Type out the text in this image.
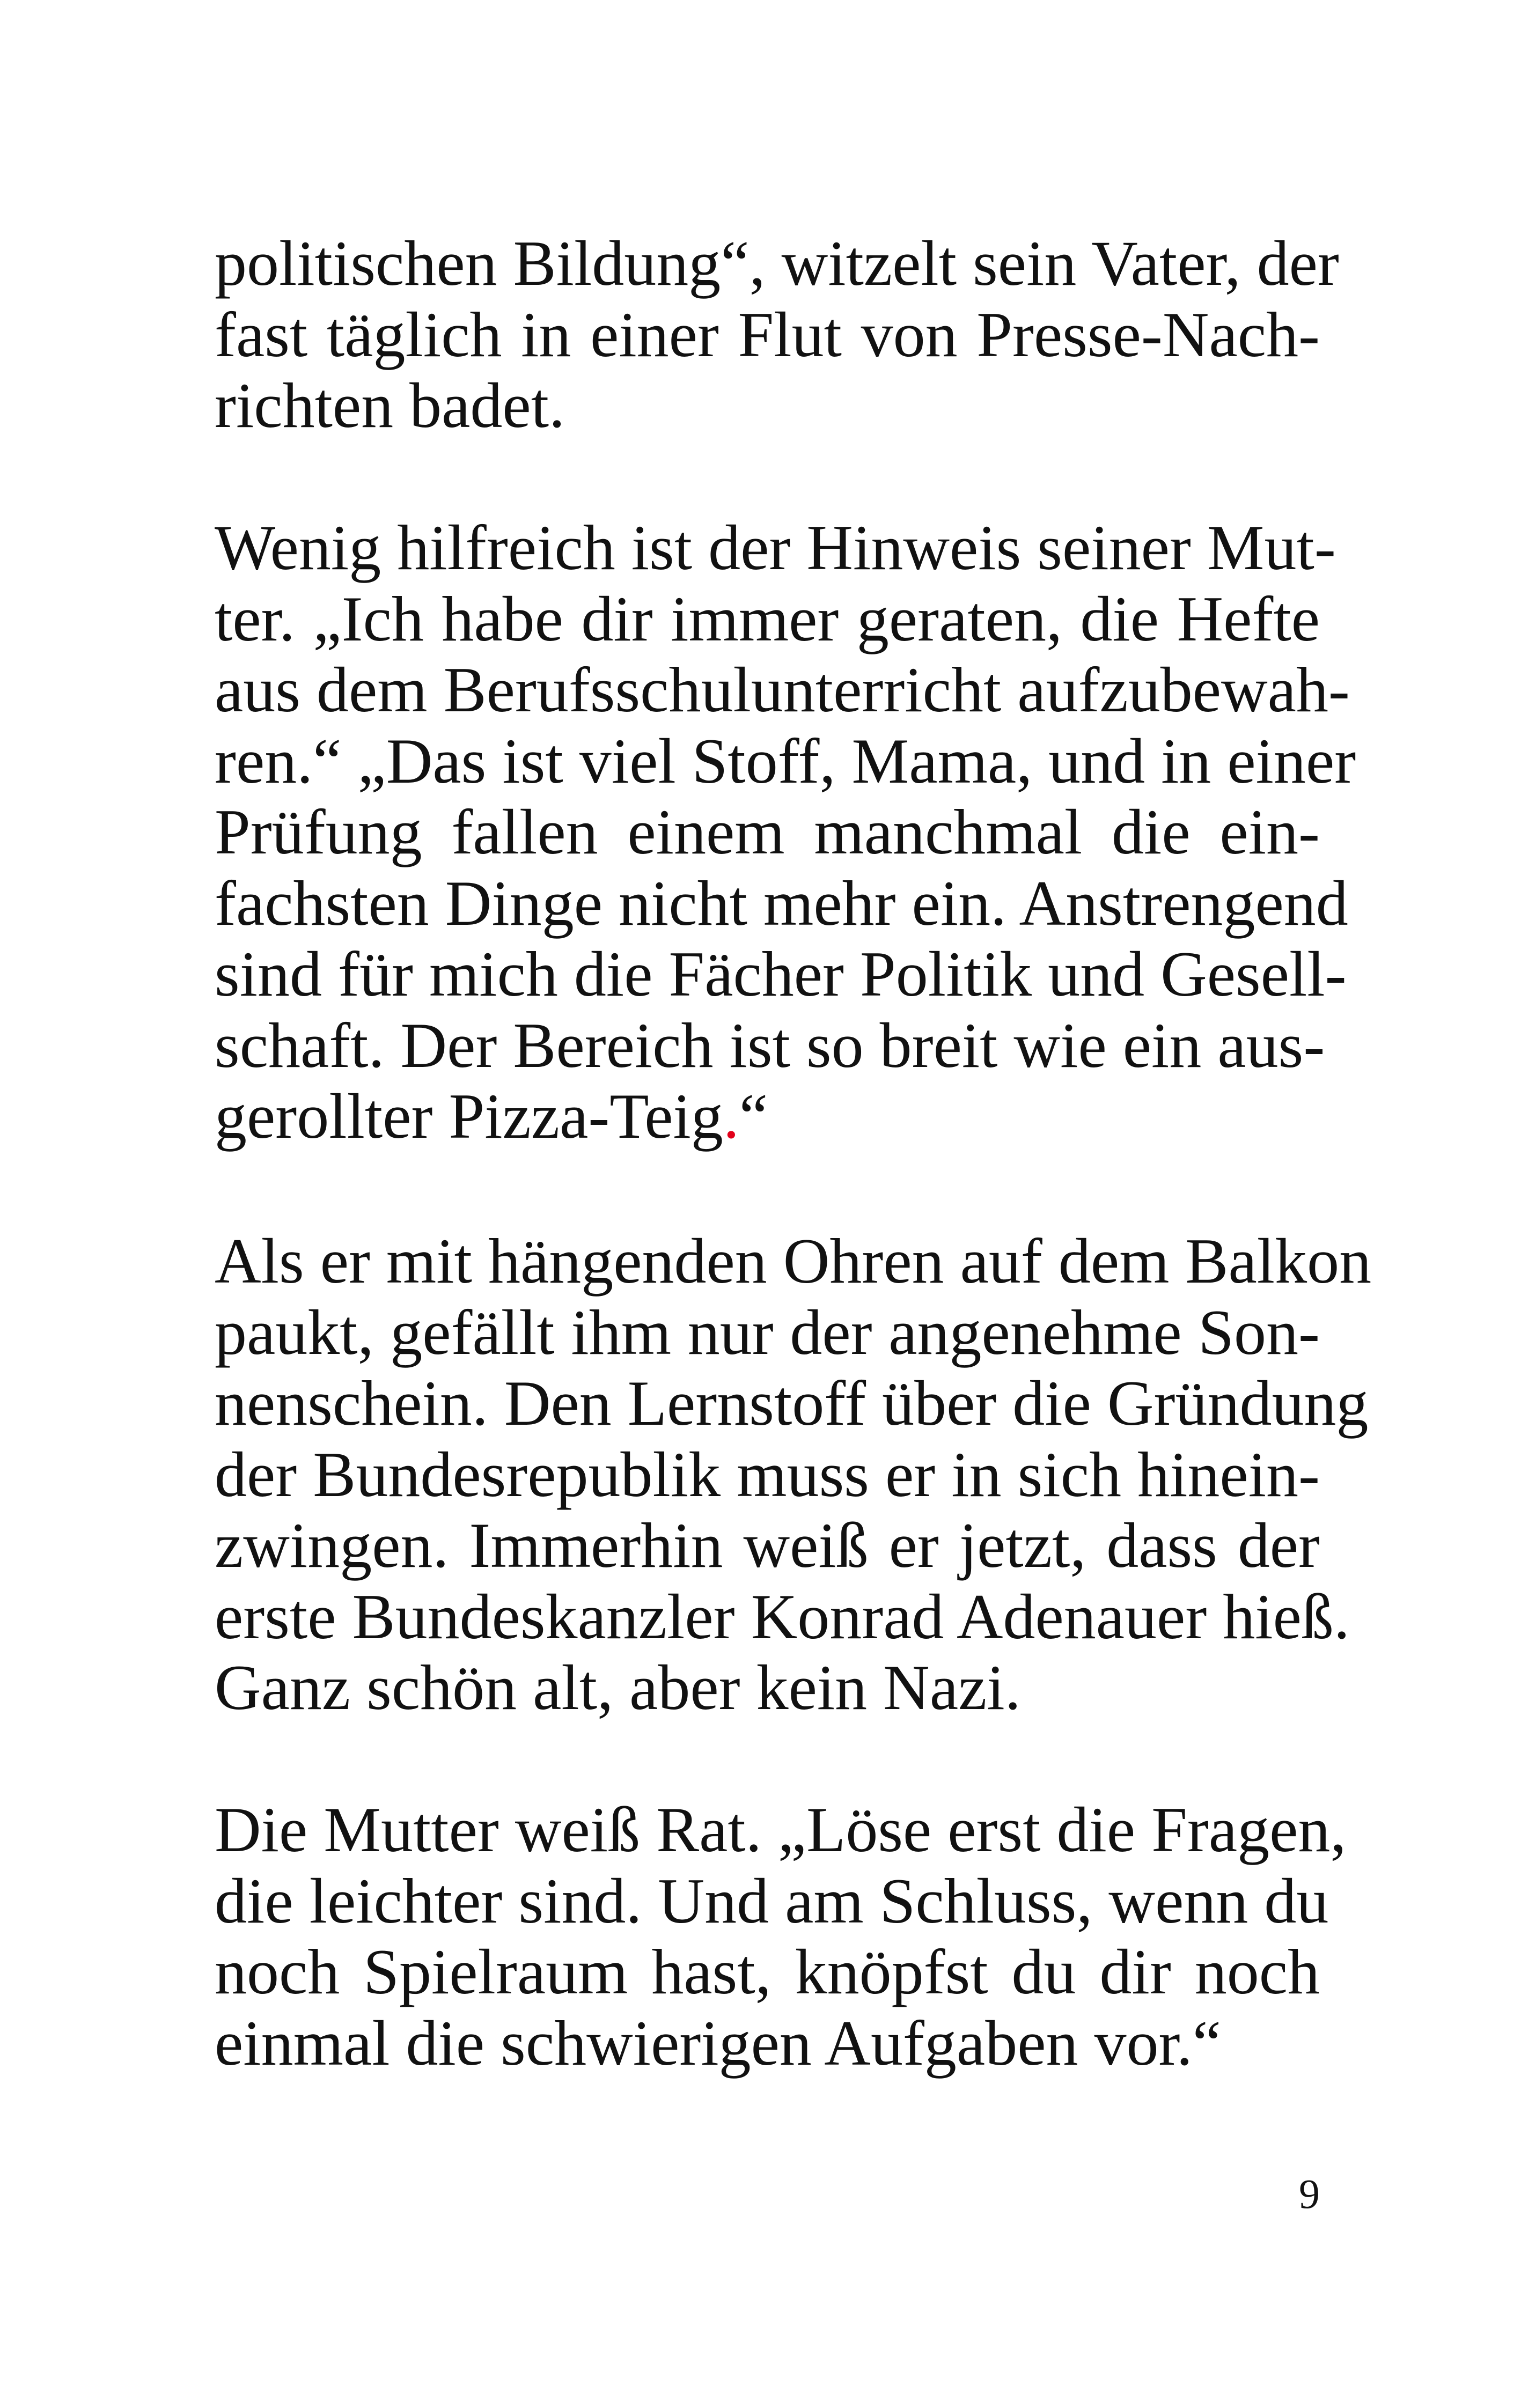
politischen Bildung“, witzelt sein Vater, der
fast täglich in einer Flut von Presse-Nach-
richten badet.

Wenig hilfreich ist der Hinweis seiner Mut-
ter. „Ich habe dir immer geraten, die Hefte
aus dem Berufsschulunterricht aufzubewah-
ren.“ „Das ist viel Stoff, Mama, und in einer
Prüfung fallen einem manchmal die ein-
fachsten Dinge nicht mehr ein. Anstrengend
sind für mich die Fächer Politik und Gesell-
schaft. Der Bereich ist so breit wie ein aus-
gerollter Pizza-Teig.“

Als er mit hängenden Ohren auf dem Balkon
paukt, gefällt ihm nur der angenehme Son-
nenschein. Den Lernstoff über die Gründung
der Bundesrepublik muss er in sich hinein-
zwingen. Immerhin weiß er jetzt, dass der
erste Bundeskanzler Konrad Adenauer hieß.
Ganz schön alt, aber kein Nazi.

Die Mutter weiß Rat. „Löse erst die Fragen,
die leichter sind. Und am Schluss, wenn du
noch Spielraum hast, knöpfst du dir noch
einmal die schwierigen Aufgaben vor.“

9
